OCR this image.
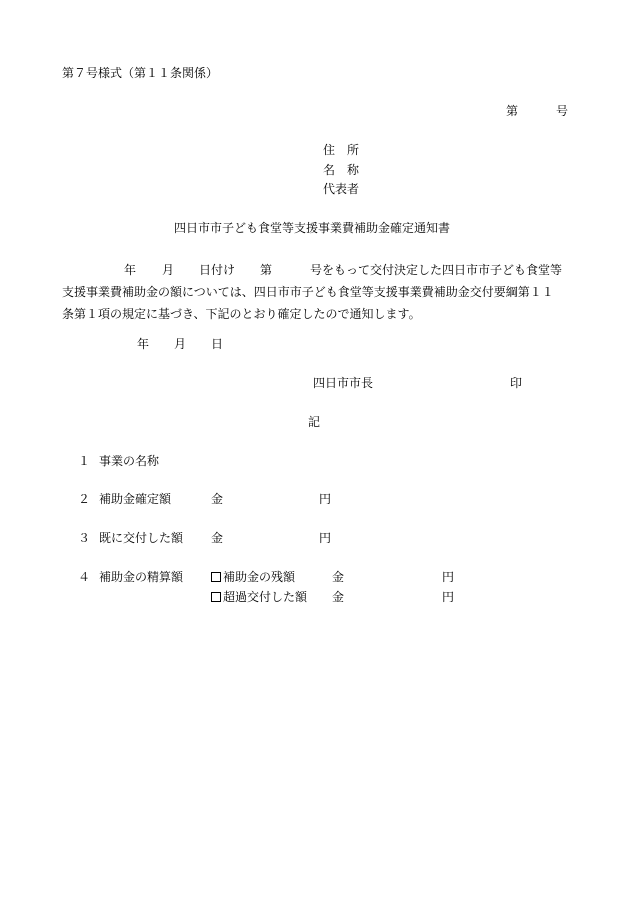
第７号様式（第１１条関係）
第	号
住　所
名　称
代表者
四日市市子ども食堂等支援事業費補助金確定通知書
年 月 日付け 第	号をもって交付決定した四日市市子ども食堂等
支援事業費補助金の額については、四日市市子ども食堂等支援事業費補助金交付要綱第１１
条第１項の規定に基づき、下記のとおり確定したので通知します。
年 月 日
四日市市長	印
記
１ 事業の名称
２ 補助金確定額	金	円
３ 既に交付した額 金	円
４ 補助金の精算額	補助金の残額	金	円
超過交付した額 金	円
